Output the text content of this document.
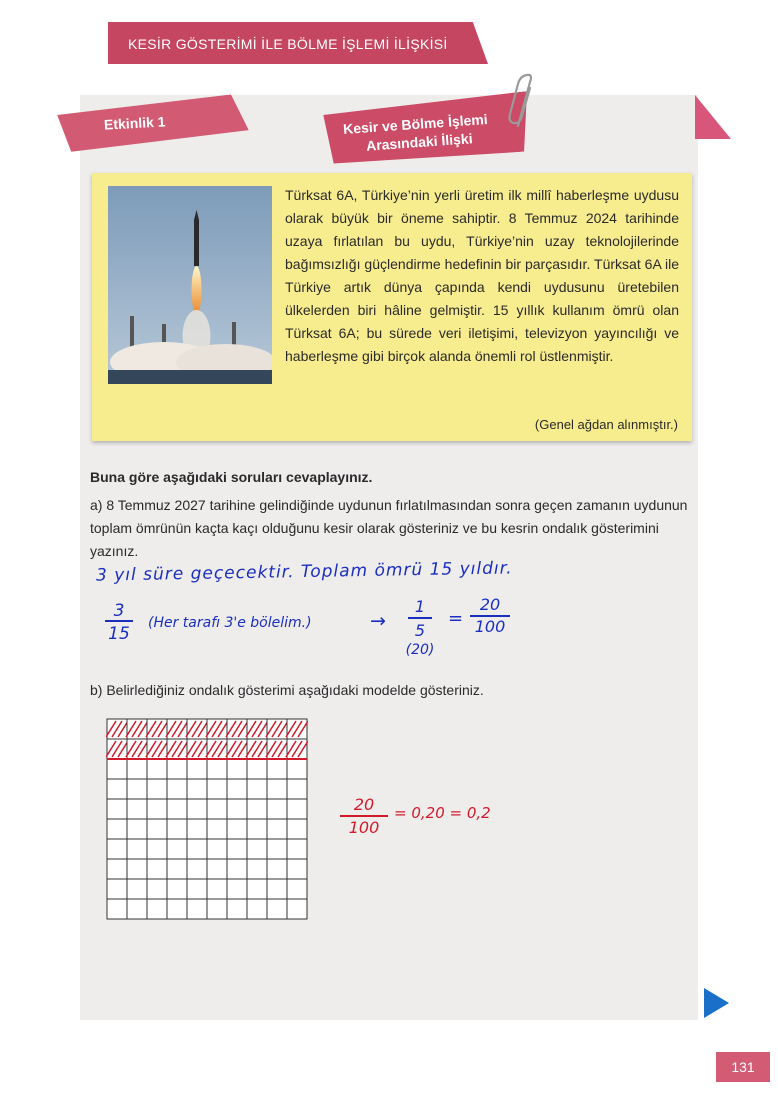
KESİR GÖSTERİMİ İLE BÖLME İŞLEMİ İLİŞKİSİ
Etkinlik 1	Kesir ve Bölme İşlemi
Arasındaki İlişki
Türksat 6A, Türkiye’nin yerli üretim ilk millî haberleşme uydusu olarak büyük bir öneme sahiptir. 8 Temmuz 2024 tarihinde uzaya fırlatılan bu uydu, Türkiye’nin uzay teknolojilerinde bağımsızlığı güçlendirme hedefinin bir parçasıdır. Türksat 6A ile Türkiye artık dünya çapında kendi uydusunu üretebilen ülkelerden biri hâline gelmiştir. 15 yıllık kullanım ömrü olan Türksat 6A; bu sürede veri iletişimi, televizyon yayıncılığı ve haberleşme gibi birçok alanda önemli rol üstlenmiştir.
(Genel ağdan alınmıştır.)
Buna göre aşağıdaki soruları cevaplayınız.
a) 8 Temmuz 2027 tarihine gelindiğinde uydunun fırlatılmasından sonra geçen zamanın uydunun toplam ömrünün kaçta kaçı olduğunu kesir olarak gösteriniz ve bu kesrin ondalık gösterimini yazınız.
3 yıl süre geçecektir. Toplam ömrü 15 yıldır.
3
15
(Her tarafı 3'e bölelim.)	→
1
5
(20)
=
20
100
b) Belirlediğiniz ondalık gösterimi aşağıdaki modelde gösteriniz.
20
100
= 0,20 = 0,2
131
